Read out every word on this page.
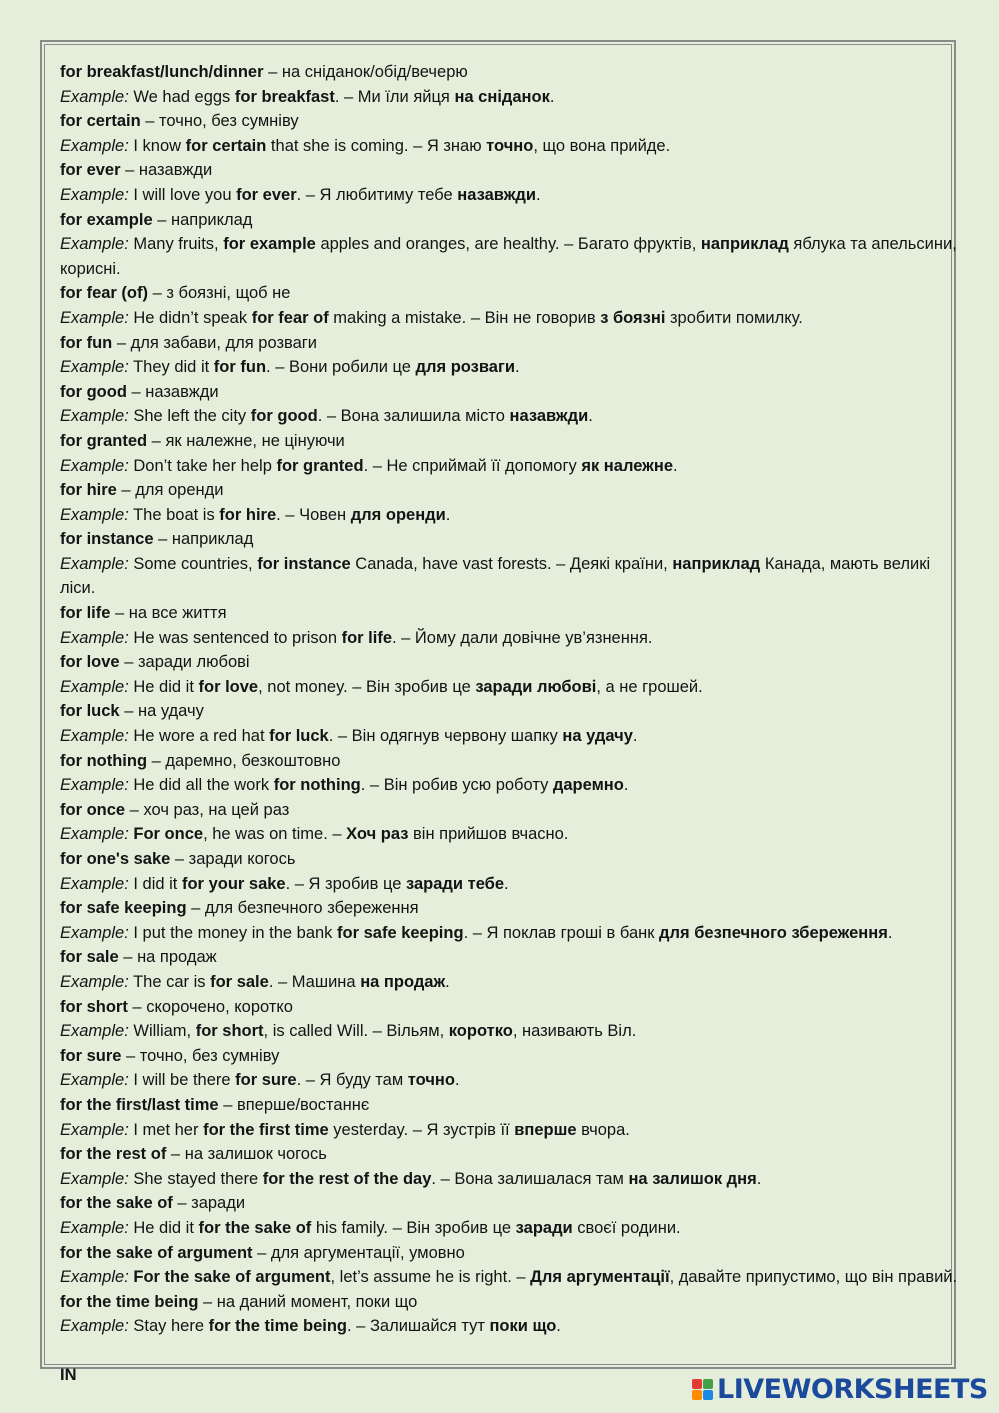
for breakfast/lunch/dinner – на сніданок/обід/вечерю
Example: We had eggs for breakfast. – Ми їли яйця на сніданок.
for certain – точно, без сумніву
Example: I know for certain that she is coming. – Я знаю точно, що вона прийде.
for ever – назавжди
Example: I will love you for ever. – Я любитиму тебе назавжди.
for example – наприклад
Example: Many fruits, for example apples and oranges, are healthy. – Багато фруктів, наприклад яблука та апельсини, корисні.
for fear (of) – з боязні, щоб не
Example: He didn’t speak for fear of making a mistake. – Він не говорив з боязні зробити помилку.
for fun – для забави, для розваги
Example: They did it for fun. – Вони робили це для розваги.
for good – назавжди
Example: She left the city for good. – Вона залишила місто назавжди.
for granted – як належне, не цінуючи
Example: Don’t take her help for granted. – Не сприймай її допомогу як належне.
for hire – для оренди
Example: The boat is for hire. – Човен для оренди.
for instance – наприклад
Example: Some countries, for instance Canada, have vast forests. – Деякі країни, наприклад Канада, мають великі ліси.
for life – на все життя
Example: He was sentenced to prison for life. – Йому дали довічне ув’язнення.
for love – заради любові
Example: He did it for love, not money. – Він зробив це заради любові, а не грошей.
for luck – на удачу
Example: He wore a red hat for luck. – Він одягнув червону шапку на удачу.
for nothing – даремно, безкоштовно
Example: He did all the work for nothing. – Він робив усю роботу даремно.
for once – хоч раз, на цей раз
Example: For once, he was on time. – Хоч раз він прийшов вчасно.
for one's sake – заради когось
Example: I did it for your sake. – Я зробив це заради тебе.
for safe keeping – для безпечного збереження
Example: I put the money in the bank for safe keeping. – Я поклав гроші в банк для безпечного збереження.
for sale – на продаж
Example: The car is for sale. – Машина на продаж.
for short – скорочено, коротко
Example: William, for short, is called Will. – Вільям, коротко, називають Віл.
for sure – точно, без сумніву
Example: I will be there for sure. – Я буду там точно.
for the first/last time – вперше/востаннє
Example: I met her for the first time yesterday. – Я зустрів її вперше вчора.
for the rest of – на залишок чогось
Example: She stayed there for the rest of the day. – Вона залишалася там на залишок дня.
for the sake of – заради
Example: He did it for the sake of his family. – Він зробив це заради своєї родини.
for the sake of argument – для аргументації, умовно
Example: For the sake of argument, let’s assume he is right. – Для аргументації, давайте припустимо, що він правий.
for the time being – на даний момент, поки що
Example: Stay here for the time being. – Залишайся тут поки що.
IN	LIVEWORKSHEETS
